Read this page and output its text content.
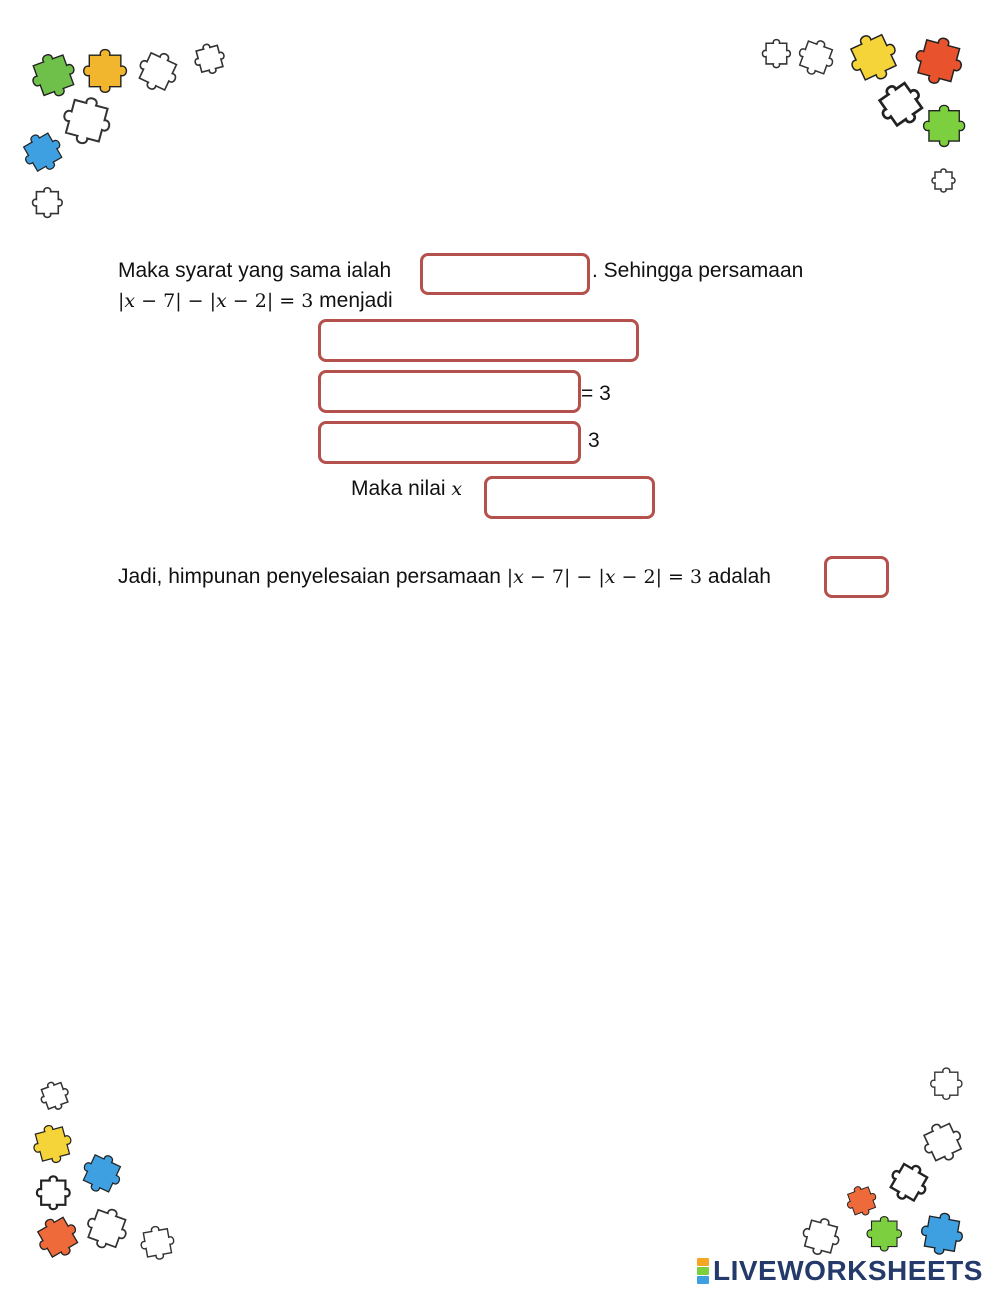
Maka syarat yang sama ialah	. Sehingga persamaan
|x − 7| − |x − 2| = 3 menjadi
= 3
3
Maka nilai x
Jadi, himpunan penyelesaian persamaan |x − 7| − |x − 2| = 3 adalah
LIVEWORKSHEETS
